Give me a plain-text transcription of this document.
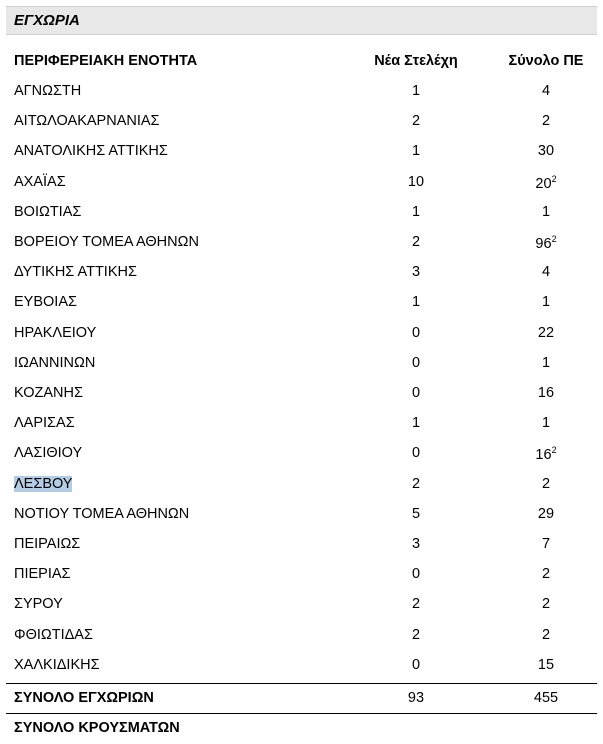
ΕΓΧΩΡΙΑ
ΠΕΡΙΦΕΡΕΙΑΚΗ ΕΝΟΤΗΤΑ	Νέα Στελέχη	Σύνολο ΠΕ
ΑΓΝΩΣΤΗ	1	4
ΑΙΤΩΛΟΑΚΑΡΝΑΝΙΑΣ	2	2
ΑΝΑΤΟΛΙΚΗΣ ΑΤΤΙΚΗΣ	1	30
ΑΧΑΪΑΣ	10	$20^2$
ΒΟΙΩΤΙΑΣ	1	1
ΒΟΡΕΙΟΥ ΤΟΜΕΑ ΑΘΗΝΩΝ	2	$96^2$
ΔΥΤΙΚΗΣ ΑΤΤΙΚΗΣ	3	4
ΕΥΒΟΙΑΣ	1	1
ΗΡΑΚΛΕΙΟΥ	0	22
ΙΩΑΝΝΙΝΩΝ	0	1
ΚΟΖΑΝΗΣ	0	16
ΛΑΡΙΣΑΣ	1	1
ΛΑΣΙΘΙΟΥ	0	$16^2$
ΛΕΣΒΟΥ	2	2
ΝΟΤΙΟΥ ΤΟΜΕΑ ΑΘΗΝΩΝ	5	29
ΠΕΙΡΑΙΩΣ	3	7
ΠΙΕΡΙΑΣ	0	2
ΣΥΡΟΥ	2	2
ΦΘΙΩΤΙΔΑΣ	2	2
ΧΑΛΚΙΔΙΚΗΣ	0	15
ΣΥΝΟΛΟ ΕΓΧΩΡΙΩΝ	93	455
ΣΥΝΟΛΟ ΚΡΟΥΣΜΑΤΩΝ
